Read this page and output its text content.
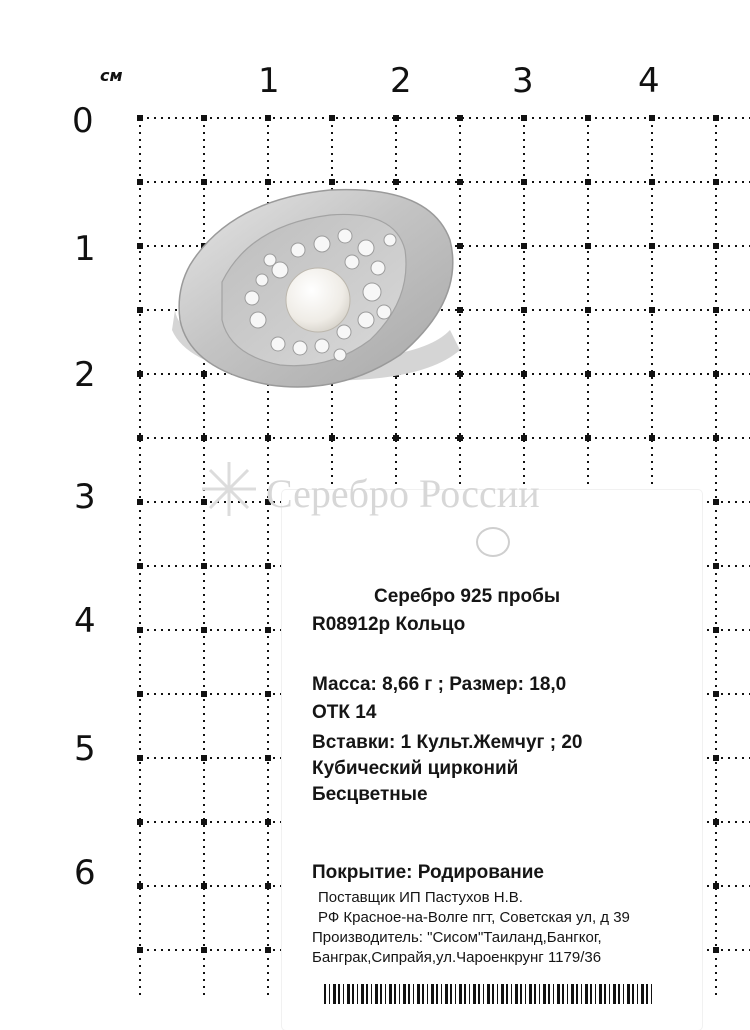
см	1	2	3	4
0
1
2
3
4
5
6
Серебро России
Серебро 925 пробы
R08912р Кольцо
Масса: 8,66 г ; Размер: 18,0
ОТК 14
Вставки: 1 Культ.Жемчуг ; 20
Кубический цирконий
Бесцветные
Покрытие: Родирование
Поставщик ИП Пастухов Н.В.
РФ Красное-на-Волге пгт, Советская ул, д 39
Производитель: "Сисом"Таиланд,Бангког,
Банграк,Сипрайя,ул.Чароенкрунг 1179/36
